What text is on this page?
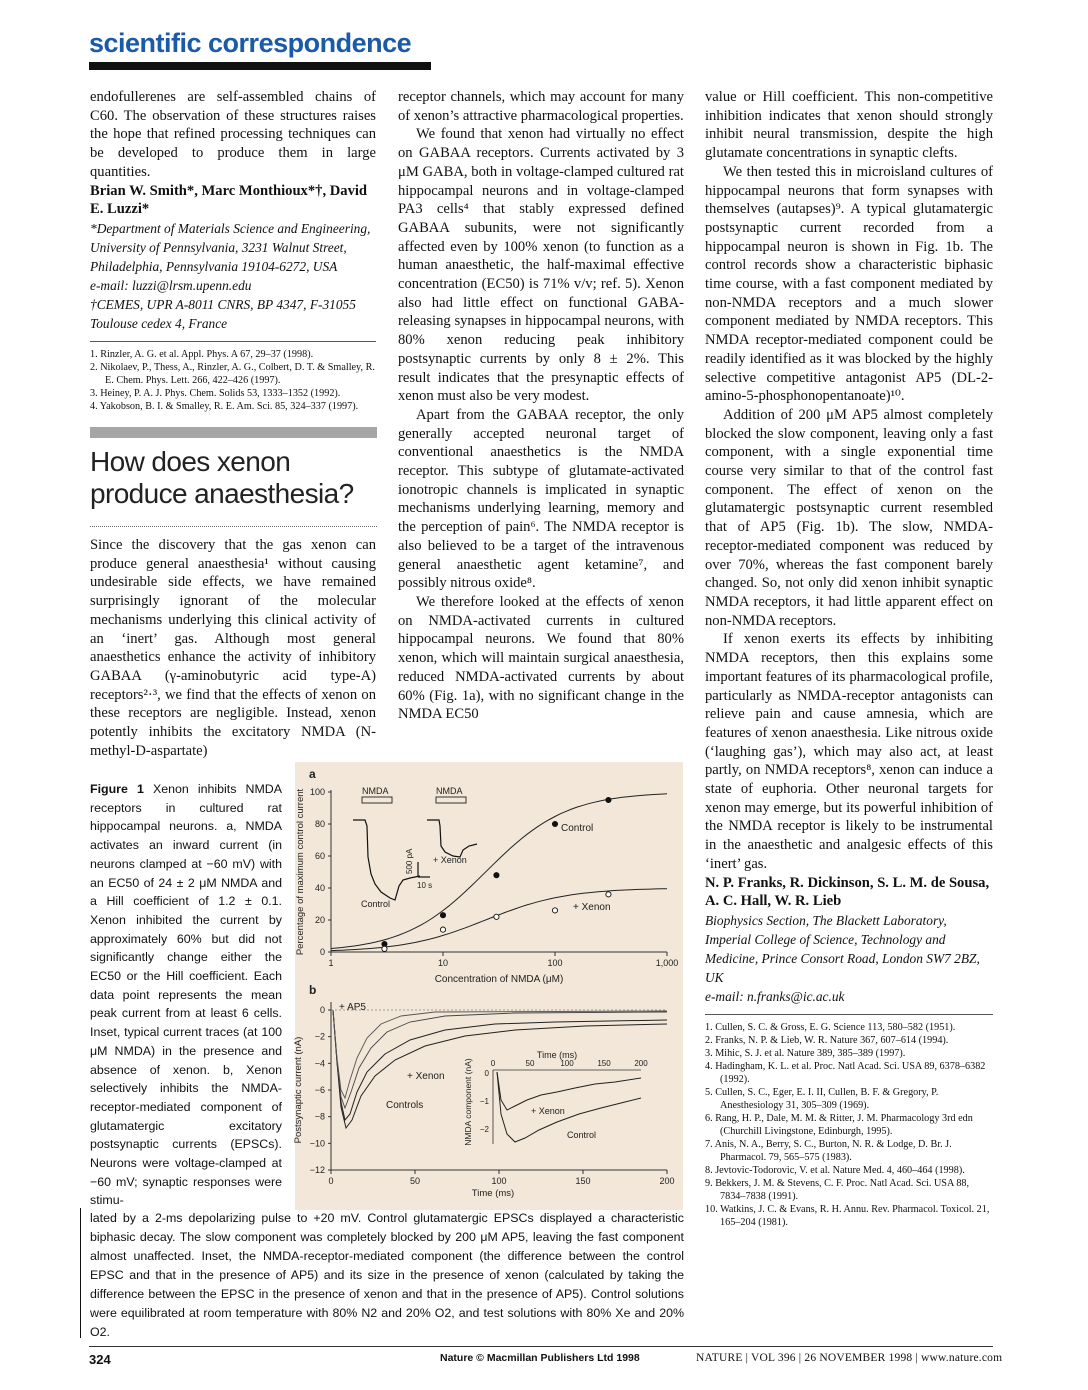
scientific correspondence

endofullerenes are self-assembled chains of C60. The observation of these structures raises the hope that refined processing techniques can be developed to produce them in large quantities.

Brian W. Smith*, Marc Monthioux*†, David E. Luzzi*

*Department of Materials Science and Engineering, University of Pennsylvania, 3231 Walnut Street, Philadelphia, Pennsylvania 19104-6272, USA

e-mail: luzzi@lrsm.upenn.edu

†CEMES, UPR A-8011 CNRS, BP 4347, F-31055 Toulouse cedex 4, France

1. Rinzler, A. G. et al. Appl. Phys. A 67, 29–37 (1998).
2. Nikolaev, P., Thess, A., Rinzler, A. G., Colbert, D. T. & Smalley, R. E. Chem. Phys. Lett. 266, 422–426 (1997).
3. Heiney, P. A. J. Phys. Chem. Solids 53, 1333–1352 (1992).
4. Yakobson, B. I. & Smalley, R. E. Am. Sci. 85, 324–337 (1997).
How does xenon produce anaesthesia?

Since the discovery that the gas xenon can produce general anaesthesia¹ without causing undesirable side effects, we have remained surprisingly ignorant of the molecular mechanisms underlying this clinical activity of an ‘inert’ gas. Although most general anaesthetics enhance the activity of inhibitory GABAA (γ-aminobutyric acid type-A) receptors²·³, we find that the effects of xenon on these receptors are negligible. Instead, xenon potently inhibits the excitatory NMDA (N-methyl-D-aspartate)

receptor channels, which may account for many of xenon’s attractive pharmacological properties.

We found that xenon had virtually no effect on GABAA receptors. Currents activated by 3 μM GABA, both in voltage-clamped cultured rat hippocampal neurons and in voltage-clamped PA3 cells⁴ that stably expressed defined GABAA subunits, were not significantly affected even by 100% xenon (to function as a human anaesthetic, the half-maximal effective concentration (EC50) is 71% v/v; ref. 5). Xenon also had little effect on functional GABA-releasing synapses in hippocampal neurons, with 80% xenon reducing peak inhibitory postsynaptic currents by only 8 ± 2%. This result indicates that the presynaptic effects of xenon must also be very modest.

Apart from the GABAA receptor, the only generally accepted neuronal target of conventional anaesthetics is the NMDA receptor. This subtype of glutamate-activated ionotropic channels is implicated in synaptic mechanisms underlying learning, memory and the perception of pain⁶. The NMDA receptor is also believed to be a target of the intravenous general anaesthetic agent ketamine⁷, and possibly nitrous oxide⁸.

We therefore looked at the effects of xenon on NMDA-activated currents in cultured hippocampal neurons. We found that 80% xenon, which will maintain surgical anaesthesia, reduced NMDA-activated currents by about 60% (Fig. 1a), with no significant change in the NMDA EC50

value or Hill coefficient. This non-competitive inhibition indicates that xenon should strongly inhibit neural transmission, despite the high glutamate concentrations in synaptic clefts.

We then tested this in microisland cultures of hippocampal neurons that form synapses with themselves (autapses)⁹. A typical glutamatergic postsynaptic current recorded from a hippocampal neuron is shown in Fig. 1b. The control records show a characteristic biphasic time course, with a fast component mediated by non-NMDA receptors and a much slower component mediated by NMDA receptors. This NMDA receptor-mediated component could be readily identified as it was blocked by the highly selective competitive antagonist AP5 (DL-2-amino-5-phosphonopentanoate)¹⁰.

Addition of 200 μM AP5 almost completely blocked the slow component, leaving only a fast component, with a single exponential time course very similar to that of the control fast component. The effect of xenon on the glutamatergic postsynaptic current resembled that of AP5 (Fig. 1b). The slow, NMDA-receptor-mediated component was reduced by over 70%, whereas the fast component barely changed. So, not only did xenon inhibit synaptic NMDA receptors, it had little apparent effect on non-NMDA receptors.

If xenon exerts its effects by inhibiting NMDA receptors, then this explains some important features of its pharmacological profile, particularly as NMDA-receptor antagonists can relieve pain and cause amnesia, which are features of xenon anaesthesia. Like nitrous oxide (‘laughing gas’), which may also act, at least partly, on NMDA receptors⁸, xenon can induce a state of euphoria. Other neuronal targets for xenon may emerge, but its powerful inhibition of the NMDA receptor is likely to be instrumental in the anaesthetic and analgesic effects of this ‘inert’ gas.

N. P. Franks, R. Dickinson, S. L. M. de Sousa, A. C. Hall, W. R. Lieb

Biophysics Section, The Blackett Laboratory, Imperial College of Science, Technology and Medicine, Prince Consort Road, London SW7 2BZ, UK

e-mail: n.franks@ic.ac.uk

1. Cullen, S. C. & Gross, E. G. Science 113, 580–582 (1951).
2. Franks, N. P. & Lieb, W. R. Nature 367, 607–614 (1994).
3. Mihic, S. J. et al. Nature 389, 385–389 (1997).
4. Hadingham, K. L. et al. Proc. Natl Acad. Sci. USA 89, 6378–6382 (1992).
5. Cullen, S. C., Eger, E. I. II, Cullen, B. F. & Gregory, P. Anesthesiology 31, 305–309 (1969).
6. Rang, H. P., Dale, M. M. & Ritter, J. M. Pharmacology 3rd edn (Churchill Livingstone, Edinburgh, 1995).
7. Anis, N. A., Berry, S. C., Burton, N. R. & Lodge, D. Br. J. Pharmacol. 79, 565–575 (1983).
8. Jevtovic-Todorovic, V. et al. Nature Med. 4, 460–464 (1998).
9. Bekkers, J. M. & Stevens, C. F. Proc. Natl Acad. Sci. USA 88, 7834–7838 (1991).
10. Watkins, J. C. & Evans, R. H. Annu. Rev. Pharmacol. Toxicol. 21, 165–204 (1981).
Figure 1 Xenon inhibits NMDA receptors in cultured rat hippocampal neurons. a, NMDA activates an inward current (in neurons clamped at −60 mV) with an EC50 of 24 ± 2 μM NMDA and a Hill coefficient of 1.2 ± 0.1. Xenon inhibited the current by approximately 60% but did not significantly change either the EC50 or the Hill coefficient. Each data point represents the mean peak current from at least 6 cells. Inset, typical current traces (at 100 μM NMDA) in the presence and absence of xenon. b, Xenon selectively inhibits the NMDA-receptor-mediated component of glutamatergic excitatory postsynaptic currents (EPSCs). Neurons were voltage-clamped at −60 mV; synaptic responses were stimu-
a
0
20
40
60
80
100
1	10	100	1,000
Percentage of maximum control current
Concentration of NMDA (μM)
Control
+ Xenon
NMDA	NMDA
Control
+ Xenon
500 pA
10 s
b
0
−2
−4
−6
−8
−10
−12
0	50	100	150	200
Postsynaptic current (nA)
Time (ms)
+ AP5
+ Xenon
Controls
0	50	100	150	200
0
−1
−2
Time (ms)
NMDA component (nA)	+ Xenon
Control
lated by a 2-ms depolarizing pulse to +20 mV. Control glutamatergic EPSCs displayed a characteristic biphasic decay. The slow component was completely blocked by 200 μM AP5, leaving the fast component almost unaffected. Inset, the NMDA-receptor-mediated component (the difference between the control EPSC and that in the presence of AP5) and its size in the presence of xenon (calculated by taking the difference between the EPSC in the presence of xenon and that in the presence of AP5). Control solutions were equilibrated at room temperature with 80% N2 and 20% O2, and test solutions with 80% Xe and 20% O2.
324	Nature © Macmillan Publishers Ltd 1998	NATURE | VOL 396 | 26 NOVEMBER 1998 | www.nature.com
